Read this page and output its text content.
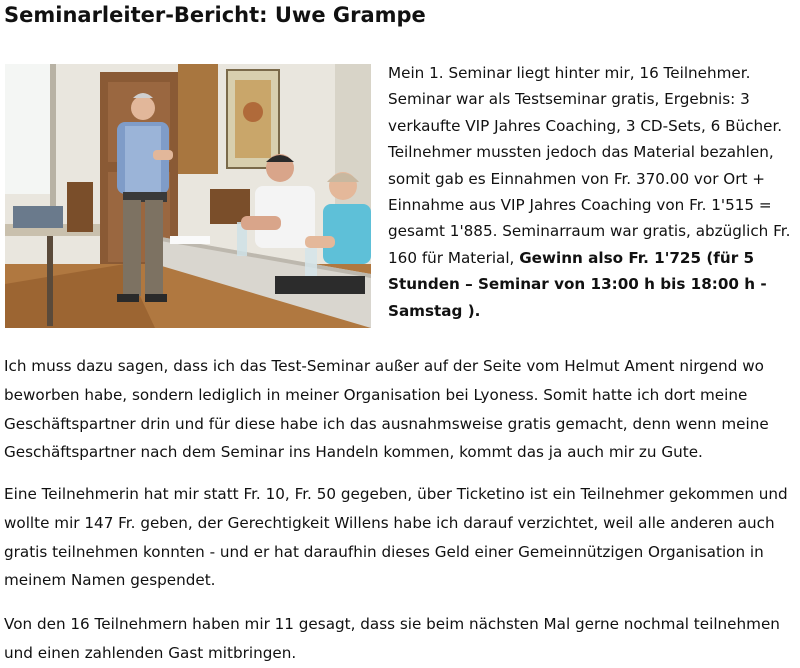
Seminarleiter-Bericht: Uwe Grampe

Mein 1. Seminar liegt hinter mir, 16 Teilnehmer. Seminar war als Testseminar gratis, Ergebnis: 3 verkaufte VIP Jahres Coaching, 3 CD-Sets, 6 Bücher. Teilnehmer mussten jedoch das Material bezahlen, somit gab es Einnahmen von Fr. 370.00 vor Ort + Einnahme aus VIP Jahres Coaching von Fr. 1'515 = gesamt 1'885. Seminarraum war gratis, abzüglich Fr. 160 für Material, Gewinn also Fr. 1'725 (für 5 Stunden – Seminar von 13:00 h bis 18:00 h - Samstag ).

Ich muss dazu sagen, dass ich das Test-Seminar außer auf der Seite vom Helmut Ament nirgend wo beworben habe, sondern lediglich in meiner Organisation bei Lyoness. Somit hatte ich dort meine Geschäftspartner drin und für diese habe ich das ausnahmsweise gratis gemacht, denn wenn meine Geschäftspartner nach dem Seminar ins Handeln kommen, kommt das ja auch mir zu Gute.

Eine Teilnehmerin hat mir statt Fr. 10, Fr. 50 gegeben, über Ticketino ist ein Teilnehmer gekommen und wollte mir 147 Fr. geben, der Gerechtigkeit Willens habe ich darauf verzichtet, weil alle anderen auch gratis teilnehmen konnten - und er hat daraufhin dieses Geld einer Gemeinnützigen Organisation in meinem Namen gespendet.

Von den 16 Teilnehmern haben mir 11 gesagt, dass sie beim nächsten Mal gerne nochmal teilnehmen und einen zahlenden Gast mitbringen.
